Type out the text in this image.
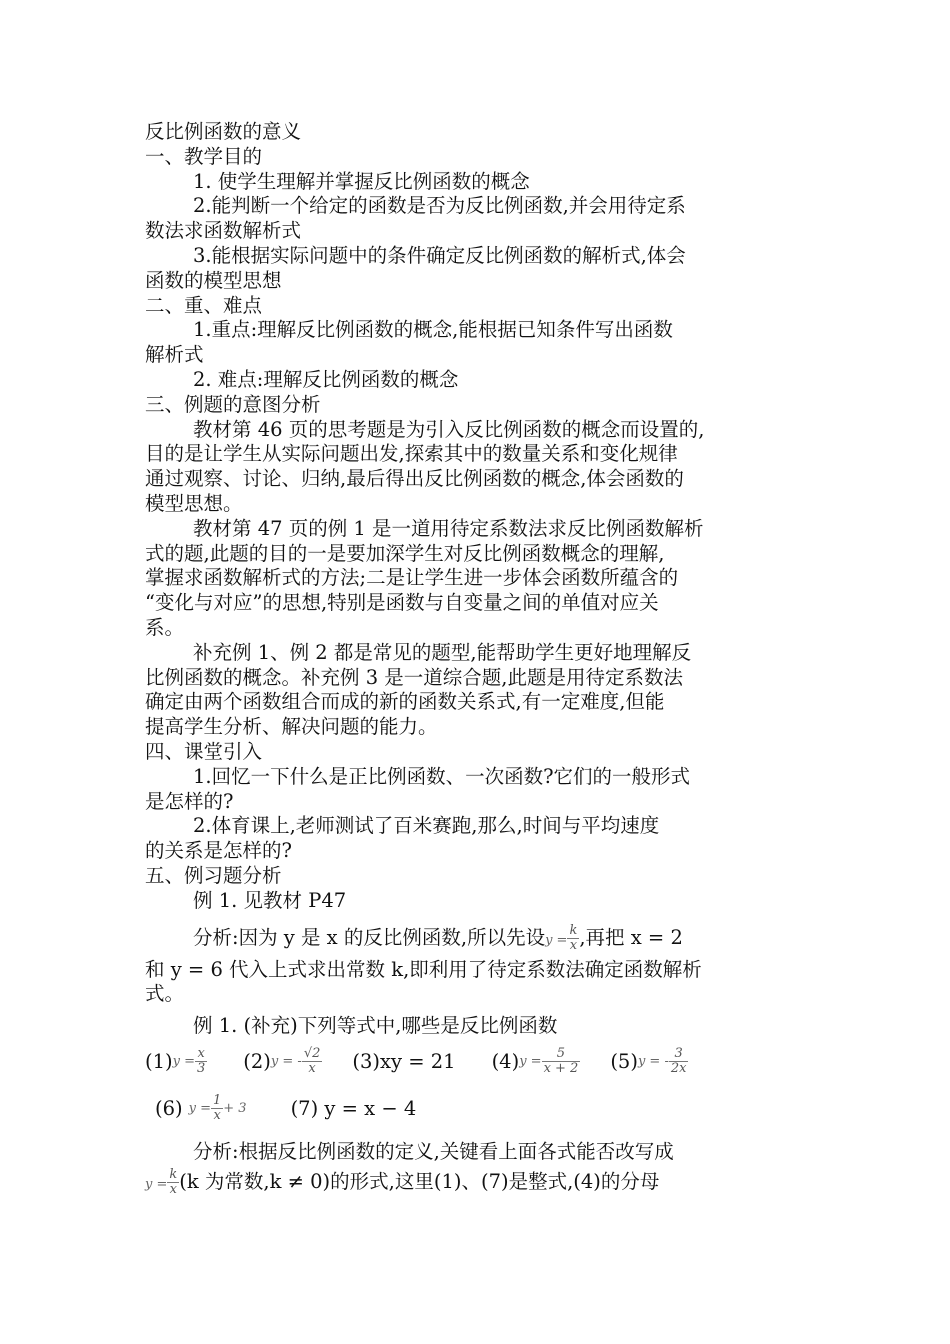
反比例函数的意义
一、教学目的
1. 使学生理解并掌握反比例函数的概念
2.能判断一个给定的函数是否为反比例函数,并会用待定系
数法求函数解析式
3.能根据实际问题中的条件确定反比例函数的解析式,体会
函数的模型思想
二、重、难点
1.重点:理解反比例函数的概念,能根据已知条件写出函数
解析式
2. 难点:理解反比例函数的概念
三、例题的意图分析
教材第 46 页的思考题是为引入反比例函数的概念而设置的,
目的是让学生从实际问题出发,探索其中的数量关系和变化规律
通过观察、讨论、归纳,最后得出反比例函数的概念,体会函数的
模型思想。
教材第 47 页的例 1 是一道用待定系数法求反比例函数解析
式的题,此题的目的一是要加深学生对反比例函数概念的理解,
掌握求函数解析式的方法;二是让学生进一步体会函数所蕴含的
“变化与对应”的思想,特别是函数与自变量之间的单值对应关
系。
补充例 1、例 2 都是常见的题型,能帮助学生更好地理解反
比例函数的概念。补充例 3 是一道综合题,此题是用待定系数法
确定由两个函数组合而成的新的函数关系式,有一定难度,但能
提高学生分析、解决问题的能力。
四、课堂引入
1.回忆一下什么是正比例函数、一次函数?它们的一般形式
是怎样的?
2.体育课上,老师测试了百米赛跑,那么,时间与平均速度
的关系是怎样的?
五、例习题分析
例 1. 见教材 P47
分析:因为 y 是 x 的反比例函数,所以先设$y = \frac{k}{x}$ ,再把 x = 2
和 y = 6 代入上式求出常数 k,即利用了待定系数法确定函数解析
式。
例 1. (补充)下列等式中,哪些是反比例函数
(1) $y = \frac{x}{3} (2) y$ = - $\frac{√2}{x} (3)xy = 21$ (4) $y = \frac{5}{x + 2} (5) y$ = - $\frac{3}{2x}$
(6) $y = \frac{1}{x} + 3$ (7) y = x − 4
分析:根据反比例函数的定义,关键看上面各式能否改写成
$y = \frac{k}{x} (k$ 为常数,k ≠ 0)的形式,这里(1)、(7)是整式,(4)的分母
